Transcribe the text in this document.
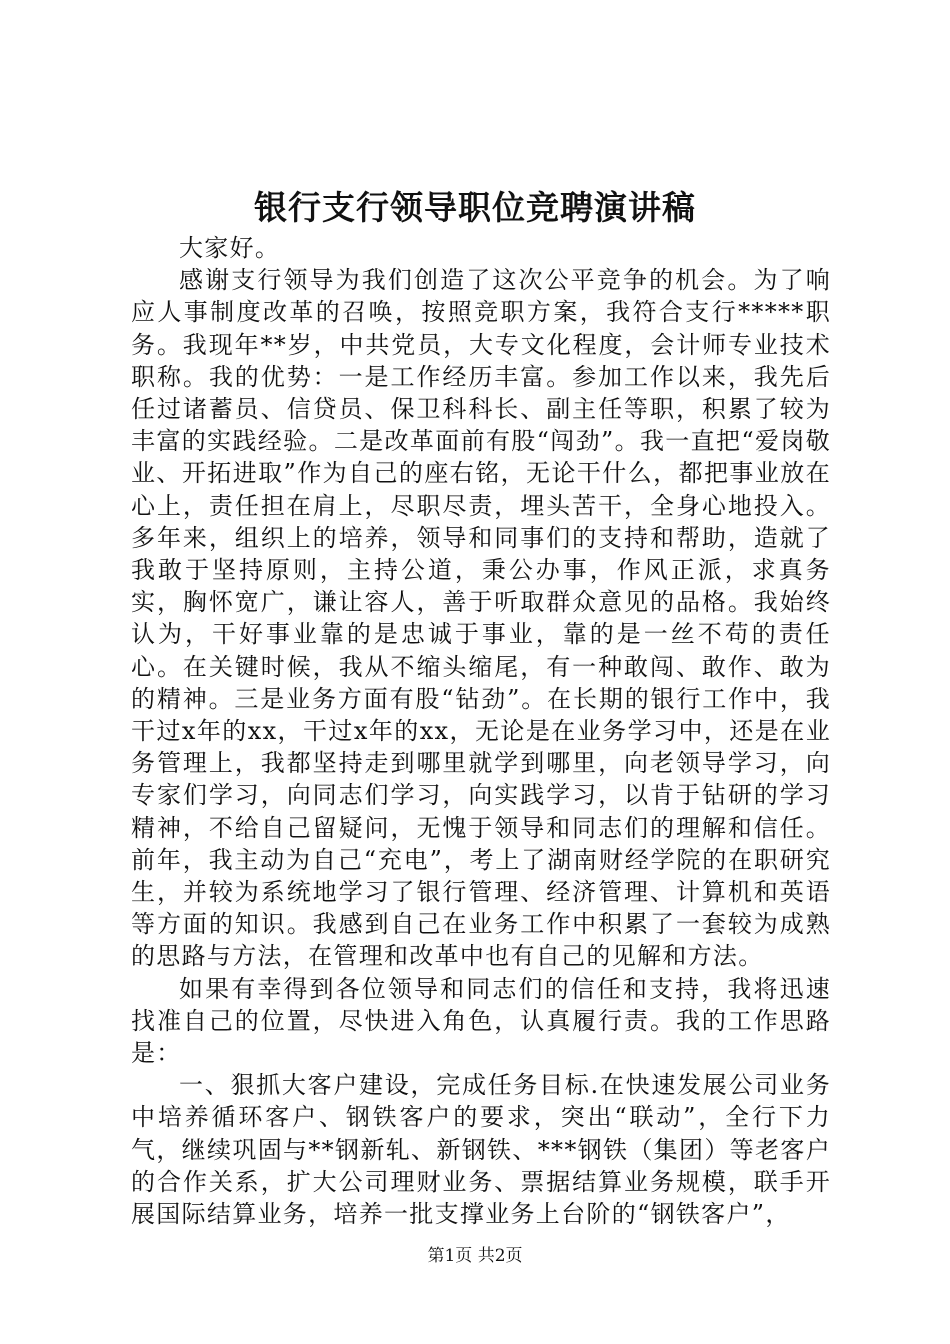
银行支行领导职位竞聘演讲稿

大家好。

感谢支行领导为我们创造了这次公平竞争的机会。为了响应人事制度改革的召唤，按照竞职方案，我符合支行*****职务。我现年**岁，中共党员，大专文化程度，会计师专业技术职称。我的优势：一是工作经历丰富。参加工作以来，我先后任过诸蓄员、信贷员、保卫科科长、副主任等职，积累了较为丰富的实践经验。二是改革面前有股“闯劲”。我一直把“爱岗敬业、开拓进取”作为自己的座右铭，无论干什么，都把事业放在心上，责任担在肩上，尽职尽责，埋头苦干，全身心地投入。多年来，组织上的培养，领导和同事们的支持和帮助，造就了我敢于坚持原则，主持公道，秉公办事，作风正派，求真务实，胸怀宽广，谦让容人，善于听取群众意见的品格。我始终认为，干好事业靠的是忠诚于事业，靠的是一丝不苟的责任心。在关键时候，我从不缩头缩尾，有一种敢闯、敢作、敢为的精神。三是业务方面有股“钻劲”。在长期的银行工作中，我干过x年的xx，干过x年的xx，无论是在业务学习中，还是在业务管理上，我都坚持走到哪里就学到哪里，向老领导学习，向专家们学习，向同志们学习，向实践学习，以肯于钻研的学习精神，不给自己留疑问，无愧于领导和同志们的理解和信任。前年，我主动为自己“充电”，考上了湖南财经学院的在职研究生，并较为系统地学习了银行管理、经济管理、计算机和英语等方面的知识。我感到自己在业务工作中积累了一套较为成熟的思路与方法，在管理和改革中也有自己的见解和方法。

如果有幸得到各位领导和同志们的信任和支持，我将迅速找准自己的位置，尽快进入角色，认真履行责。我的工作思路是：

一、狠抓大客户建设，完成任务目标.在快速发展公司业务中培养循环客户、钢铁客户的要求，突出“联动”，全行下力气，继续巩固与**钢新轧、新钢铁、***钢铁（集团）等老客户的合作关系，扩大公司理财业务、票据结算业务规模，联手开展国际结算业务，培养一批支撑业务上台阶的“钢铁客户”，

第1页 共2页
